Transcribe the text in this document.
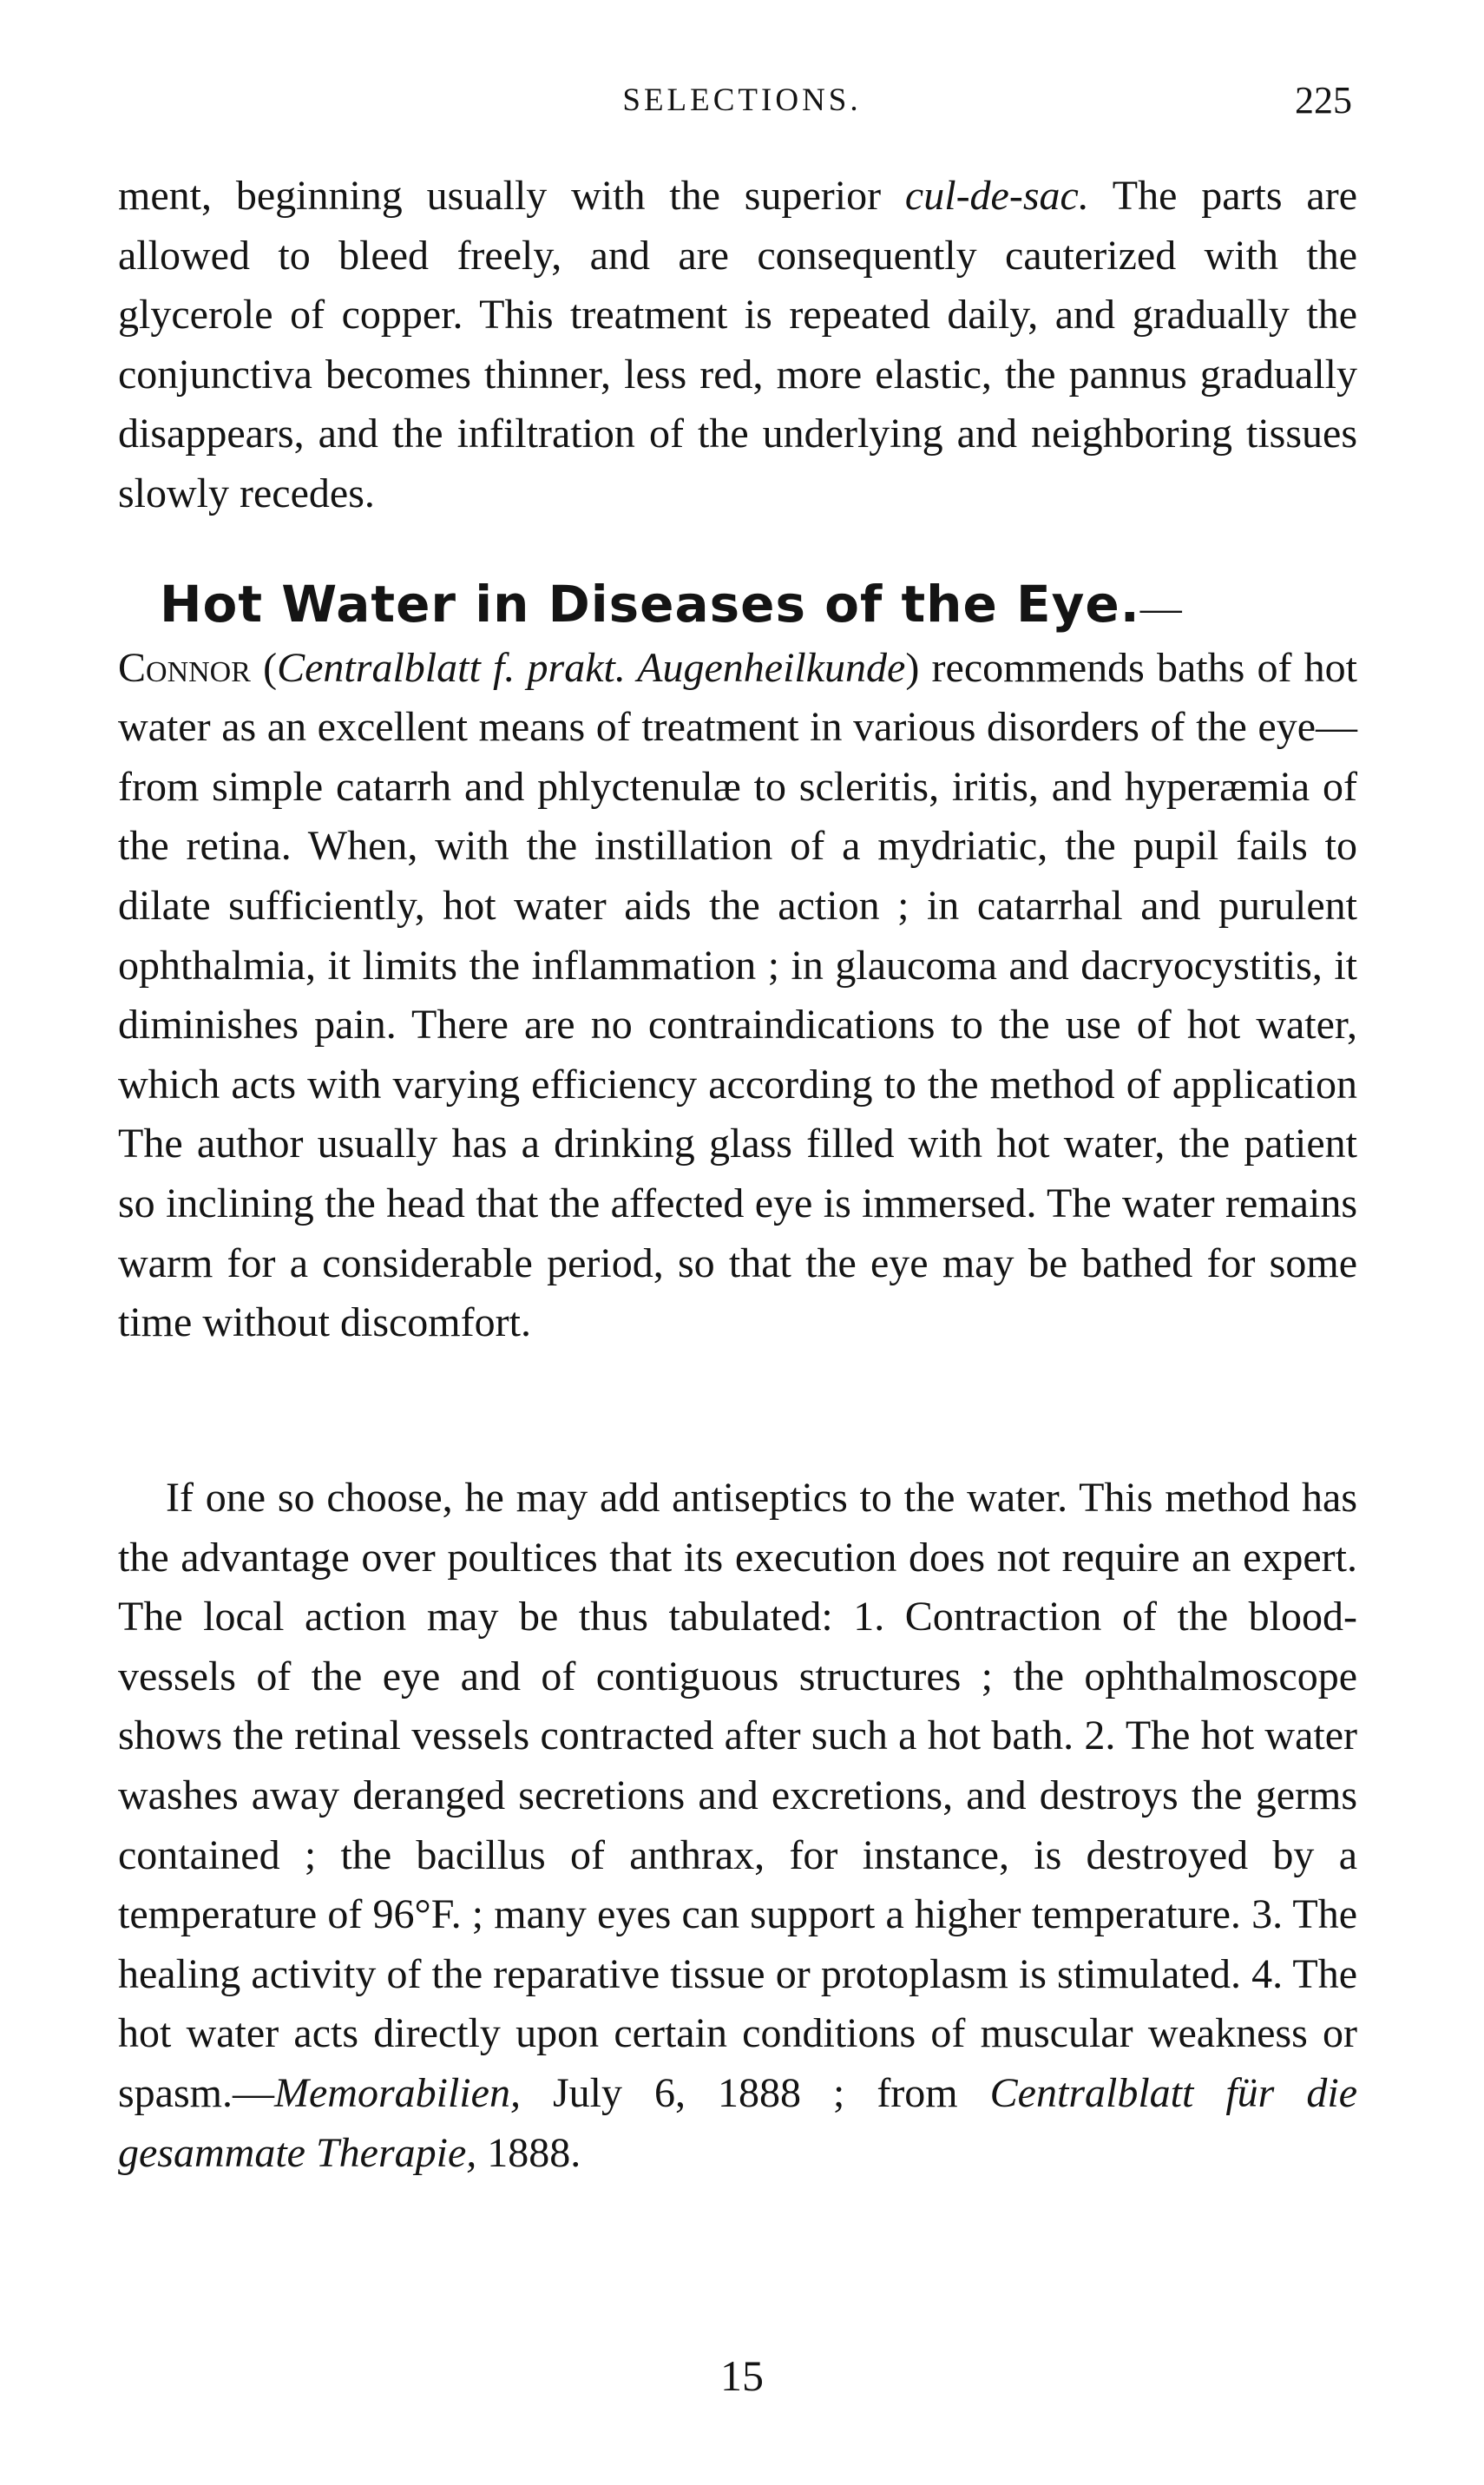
SELECTIONS.	225

ment, beginning usually with the superior cul-de-sac. The parts are allowed to bleed freely, and are consequently cauterized with the glycerole of copper. This treatment is repeated daily, and gradually the conjunctiva becomes thinner, less red, more elastic, the pannus gradually disappears, and the infiltration of the underlying and neighboring tissues slowly recedes.

Hot Water in Diseases of the Eye.—
Connor (Centralblatt f. prakt. Augenheilkunde) recommends baths of hot water as an excellent means of treatment in various disorders of the eye—from simple catarrh and phlyctenulæ to scleritis, iritis, and hyperæmia of the retina. When, with the instillation of a mydriatic, the pupil fails to dilate sufficiently, hot water aids the action ; in catarrhal and purulent ophthalmia, it limits the inflammation ; in glaucoma and dacryocystitis, it diminishes pain. There are no contraindications to the use of hot water, which acts with varying efficiency according to the method of application The author usually has a drinking glass filled with hot water, the patient so inclining the head that the affected eye is immersed. The water remains warm for a considerable period, so that the eye may be bathed for some time without discomfort.

If one so choose, he may add antiseptics to the water. This method has the advantage over poultices that its execution does not require an expert. The local action may be thus tabulated: 1. Contraction of the blood-vessels of the eye and of contiguous structures ; the ophthalmoscope shows the retinal vessels contracted after such a hot bath. 2. The hot water washes away deranged secretions and excretions, and destroys the germs contained ; the bacillus of anthrax, for instance, is destroyed by a temperature of 96°F. ; many eyes can support a higher temperature. 3. The healing activity of the reparative tissue or protoplasm is stimulated. 4. The hot water acts directly upon certain conditions of muscular weakness or spasm.—Memorabilien, July 6, 1888 ; from Centralblatt für die gesammate Therapie, 1888.

15
